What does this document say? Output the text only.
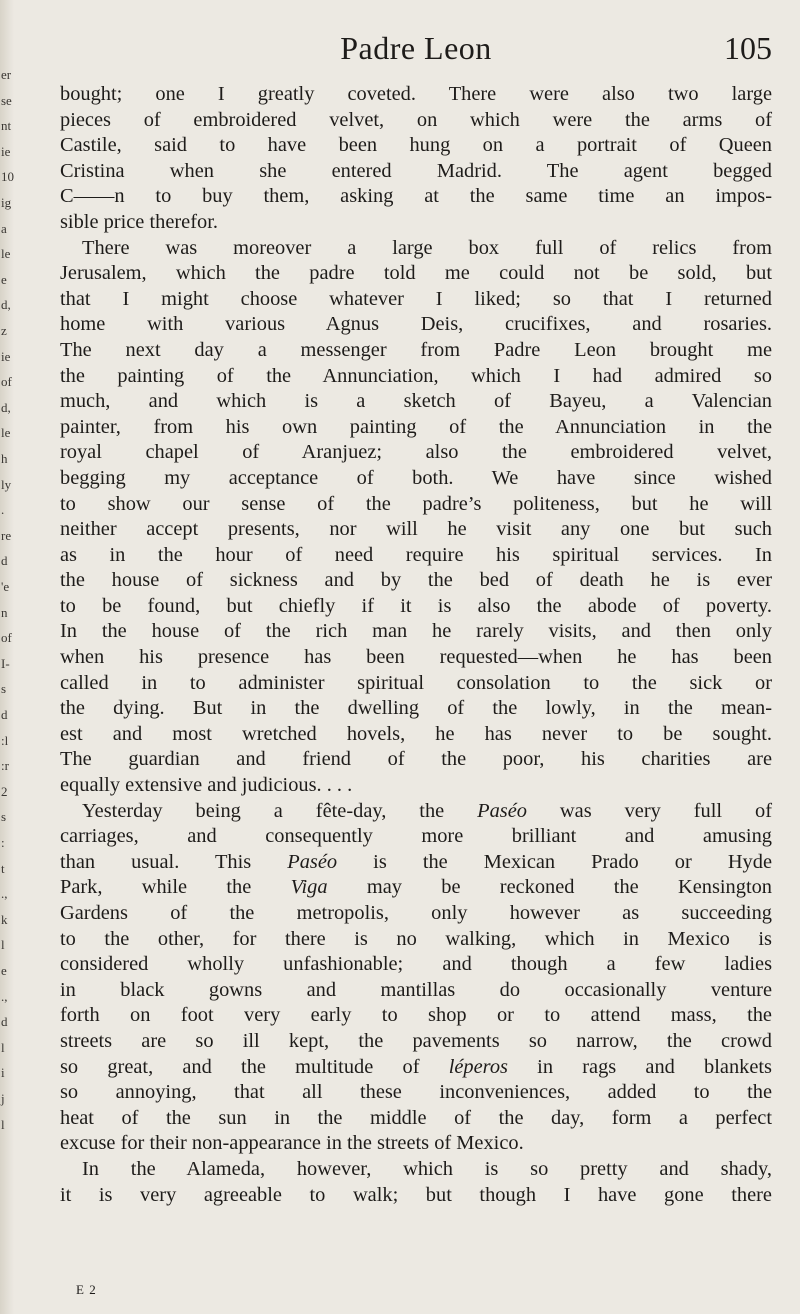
er
se
nt
ie
10
ig
a
le
e
d,
z
ie
of
d,
le
h
ly
.
re
d
'e
n
of
I-
s
d
:l
:r
2
s
:
t
.,
k
l
e
.,
d
l
i
j
l
Padre Leon	105
bought; one I greatly coveted. There were also two large
pieces of embroidered velvet, on which were the arms of
Castile, said to have been hung on a portrait of Queen
Cristina when she entered Madrid. The agent begged
C——n to buy them, asking at the same time an impos-
sible price therefor.
There was moreover a large box full of relics from
Jerusalem, which the padre told me could not be sold, but
that I might choose whatever I liked; so that I returned
home with various Agnus Deis, crucifixes, and rosaries.
The next day a messenger from Padre Leon brought me
the painting of the Annunciation, which I had admired so
much, and which is a sketch of Bayeu, a Valencian
painter, from his own painting of the Annunciation in the
royal chapel of Aranjuez; also the embroidered velvet,
begging my acceptance of both. We have since wished
to show our sense of the padre’s politeness, but he will
neither accept presents, nor will he visit any one but such
as in the hour of need require his spiritual services. In
the house of sickness and by the bed of death he is ever
to be found, but chiefly if it is also the abode of poverty.
In the house of the rich man he rarely visits, and then only
when his presence has been requested—when he has been
called in to administer spiritual consolation to the sick or
the dying. But in the dwelling of the lowly, in the mean-
est and most wretched hovels, he has never to be sought.
The guardian and friend of the poor, his charities are
equally extensive and judicious. . . .
Yesterday being a fête-day, the Paséo was very full of
carriages, and consequently more brilliant and amusing
than usual. This Paséo is the Mexican Prado or Hyde
Park, while the Viga may be reckoned the Kensington
Gardens of the metropolis, only however as succeeding
to the other, for there is no walking, which in Mexico is
considered wholly unfashionable; and though a few ladies
in black gowns and mantillas do occasionally venture
forth on foot very early to shop or to attend mass, the
streets are so ill kept, the pavements so narrow, the crowd
so great, and the multitude of léperos in rags and blankets
so annoying, that all these inconveniences, added to the
heat of the sun in the middle of the day, form a perfect
excuse for their non-appearance in the streets of Mexico.
In the Alameda, however, which is so pretty and shady,
it is very agreeable to walk; but though I have gone there
E 2
